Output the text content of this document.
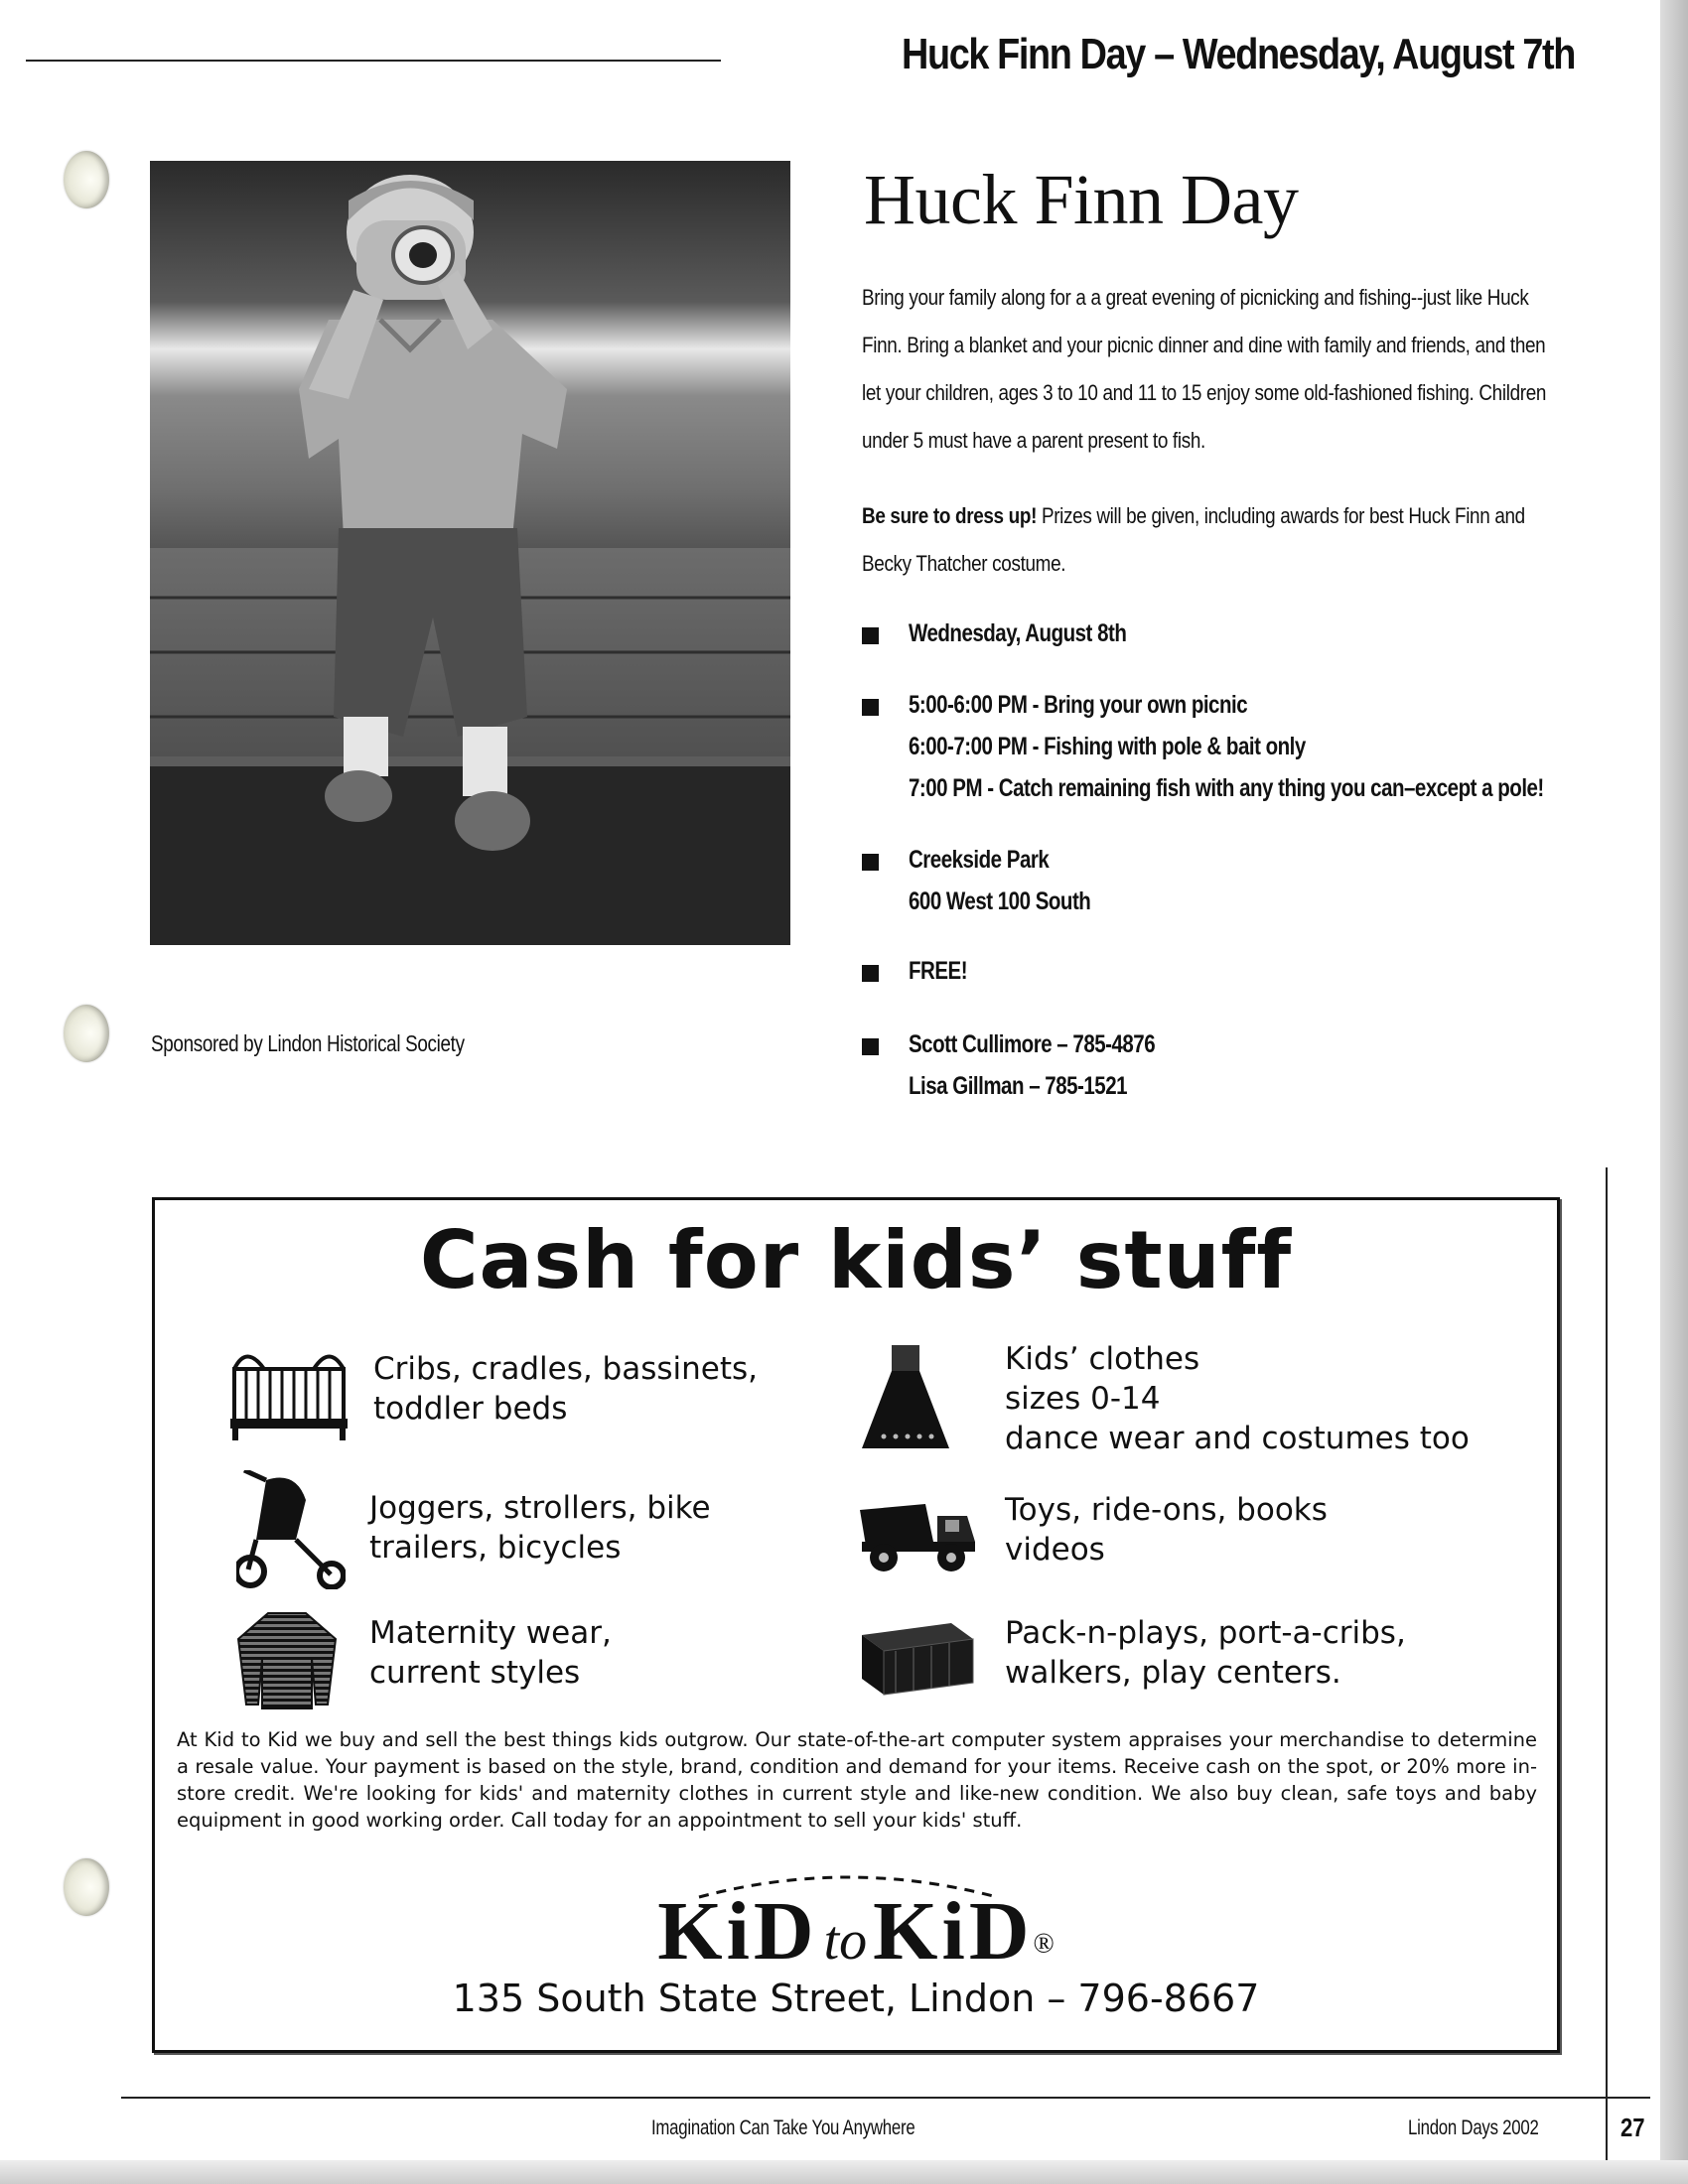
Huck Finn Day – Wednesday, August 7th
Sponsored by Lindon Historical Society
Huck Finn Day
Bring your family along for a a great evening of picnicking and fishing--just like Huck Finn. Bring a blanket and your picnic dinner and dine with family and friends, and then let your children, ages 3 to 10 and 11 to 15 enjoy some old-fashioned fishing. Children under 5 must have a parent present to fish.
Be sure to dress up! Prizes will be given, including awards for best Huck Finn and Becky Thatcher costume.
Wednesday, August 8th
5:00-6:00 PM - Bring your own picnic
6:00-7:00 PM - Fishing with pole & bait only
7:00 PM - Catch remaining fish with any thing you can–except a pole!
Creekside Park
600 West 100 South
FREE!
Scott Cullimore – 785-4876
Lisa Gillman – 785-1521
Cash for kids’ stuff
Cribs, cradles, bassinets,
toddler beds
Kids’ clothes
sizes 0-14
dance wear and costumes too
Joggers, strollers, bike
trailers, bicycles
Toys, ride-ons, books
videos
Maternity wear,
current styles
Pack-n-plays, port-a-cribs,
walkers, play centers.
At Kid to Kid we buy and sell the best things kids outgrow. Our state-of-the-art computer system appraises your merchandise to determine a resale value. Your payment is based on the style, brand, condition and demand for your items. Receive cash on the spot, or 20% more in-store credit. We're looking for kids' and maternity clothes in current style and like-new condition. We also buy clean, safe toys and baby equipment in good working order. Call today for an appointment to sell your kids' stuff.
KiD toKiD®
135 South State Street, Lindon – 796-8667
Imagination Can Take You Anywhere	Lindon Days 2002	27
